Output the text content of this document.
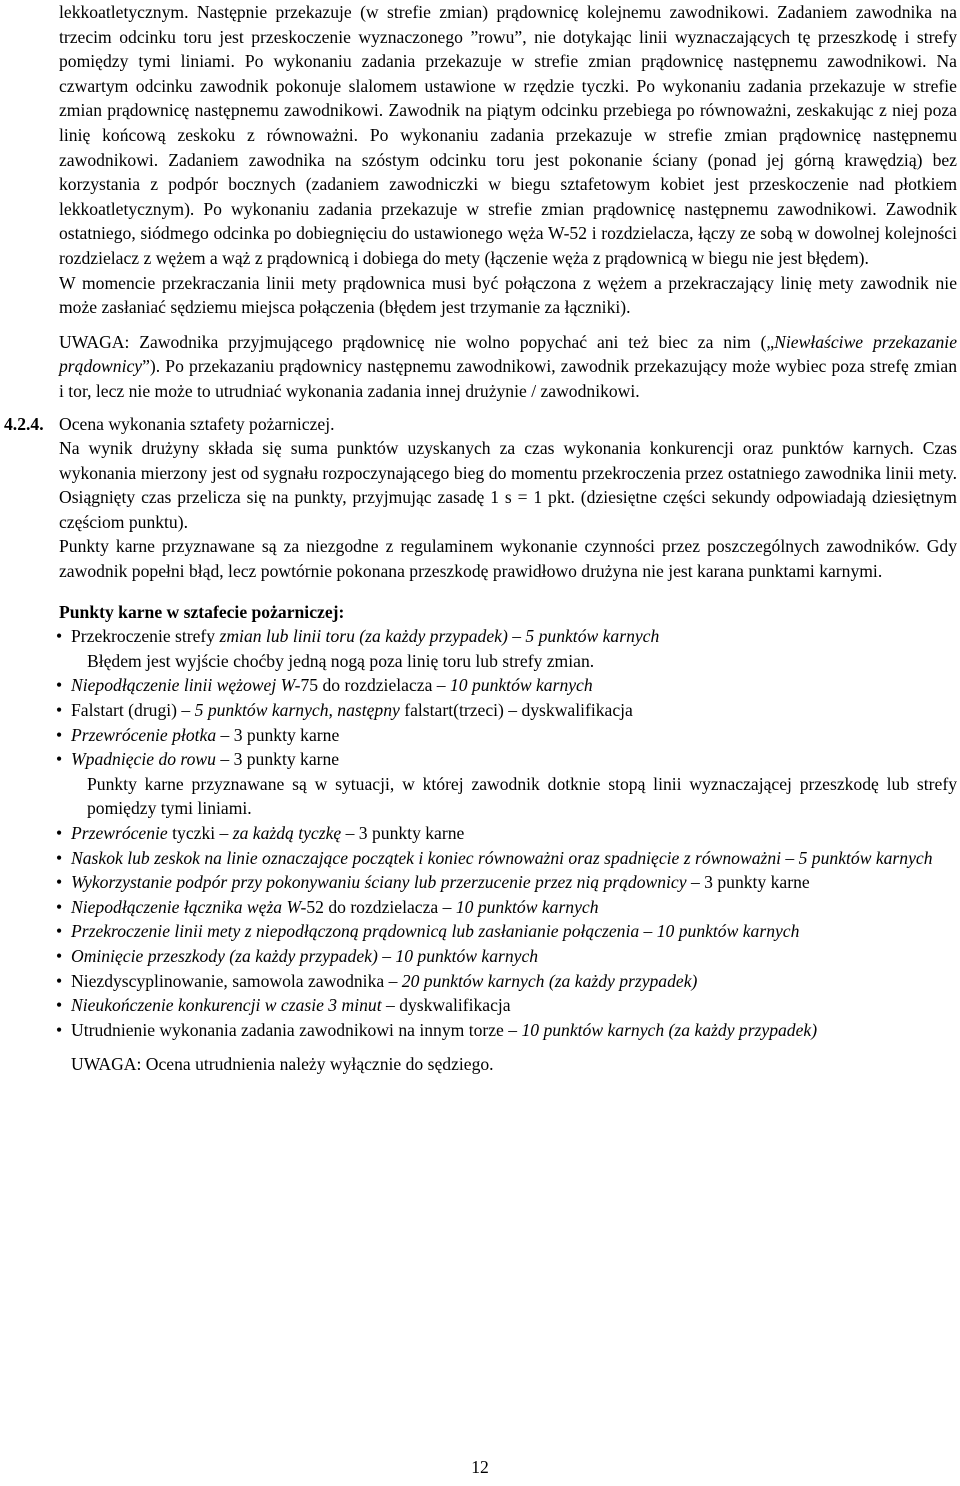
lekkoatletycznym. Następnie przekazuje (w strefie zmian) prądownicę kolejnemu zawodnikowi. Zadaniem zawodnika na trzecim odcinku toru jest przeskoczenie wyznaczonego ”rowu”, nie dotykając linii wyznaczających tę przeszkodę i strefy pomiędzy tymi liniami. Po wykonaniu zadania przekazuje w strefie zmian prądownicę następnemu zawodnikowi. Na czwartym odcinku zawodnik pokonuje slalomem ustawione w rzędzie tyczki. Po wykonaniu zadania przekazuje w strefie zmian prądownicę następnemu zawodnikowi. Zawodnik na piątym odcinku przebiega po równoważni, zeskakując z niej poza linię końcową zeskoku z równoważni. Po wykonaniu zadania przekazuje w strefie zmian prądownicę następnemu zawodnikowi. Zadaniem zawodnika na szóstym odcinku toru jest pokonanie ściany (ponad jej górną krawędzią) bez korzystania z podpór bocznych (zadaniem zawodniczki w biegu sztafetowym kobiet jest przeskoczenie nad płotkiem lekkoatletycznym). Po wykonaniu zadania przekazuje w strefie zmian prądownicę następnemu zawodnikowi. Zawodnik ostatniego, siódmego odcinka po dobiegnięciu do ustawionego węża W-52 i rozdzielacza, łączy ze sobą w dowolnej kolejności rozdzielacz z wężem a wąż z prądownicą i dobiega do mety (łączenie węża z prądownicą w biegu nie jest błędem).

W momencie przekraczania linii mety prądownica musi być połączona z wężem a przekraczający linię mety zawodnik nie może zasłaniać sędziemu miejsca połączenia (błędem jest trzymanie za łączniki).

UWAGA: Zawodnika przyjmującego prądownicę nie wolno popychać ani też biec za nim („Niewłaściwe przekazanie prądownicy”). Po przekazaniu prądownicy następnemu zawodnikowi, zawodnik przekazujący może wybiec poza strefę zmian i tor, lecz nie może to utrudniać wykonania zadania innej drużynie / zawodnikowi.

4.2.4. Ocena wykonania sztafety pożarniczej.

Na wynik drużyny składa się suma punktów uzyskanych za czas wykonania konkurencji oraz punktów karnych. Czas wykonania mierzony jest od sygnału rozpoczynającego bieg do momentu przekroczenia przez ostatniego zawodnika linii mety. Osiągnięty czas przelicza się na punkty, przyjmując zasadę 1 s = 1 pkt. (dziesiętne części sekundy odpowiadają dziesiętnym częściom punktu).

Punkty karne przyznawane są za niezgodne z regulaminem wykonanie czynności przez poszczególnych zawodników. Gdy zawodnik popełni błąd, lecz powtórnie pokonana przeszkodę prawidłowo drużyna nie jest karana punktami karnymi.

Punkty karne w sztafecie pożarniczej:
• Przekroczenie strefy zmian lub linii toru (za każdy przypadek) – 5 punktów karnych
Błędem jest wyjście choćby jedną nogą poza linię toru lub strefy zmian.
• Niepodłączenie linii wężowej W-75 do rozdzielacza – 10 punktów karnych
• Falstart (drugi) – 5 punktów karnych, następny falstart(trzeci) – dyskwalifikacja
• Przewrócenie płotka – 3 punkty karne
• Wpadnięcie do rowu – 3 punkty karne
Punkty karne przyznawane są w sytuacji, w której zawodnik dotknie stopą linii wyznaczającej przeszkodę lub strefy pomiędzy tymi liniami.
• Przewrócenie tyczki – za każdą tyczkę – 3 punkty karne
• Naskok lub zeskok na linie oznaczające początek i koniec równoważni oraz spadnięcie z równoważni – 5 punktów karnych
• Wykorzystanie podpór przy pokonywaniu ściany lub przerzucenie przez nią prądownicy – 3 punkty karne
• Niepodłączenie łącznika węża W-52 do rozdzielacza – 10 punktów karnych
• Przekroczenie linii mety z niepodłączoną prądownicą lub zasłanianie połączenia – 10 punktów karnych
• Ominięcie przeszkody (za każdy przypadek) – 10 punktów karnych
• Niezdyscyplinowanie, samowola zawodnika – 20 punktów karnych (za każdy przypadek)
• Nieukończenie konkurencji w czasie 3 minut – dyskwalifikacja
• Utrudnienie wykonania zadania zawodnikowi na innym torze – 10 punktów karnych (za każdy przypadek)

UWAGA: Ocena utrudnienia należy wyłącznie do sędziego.

12
